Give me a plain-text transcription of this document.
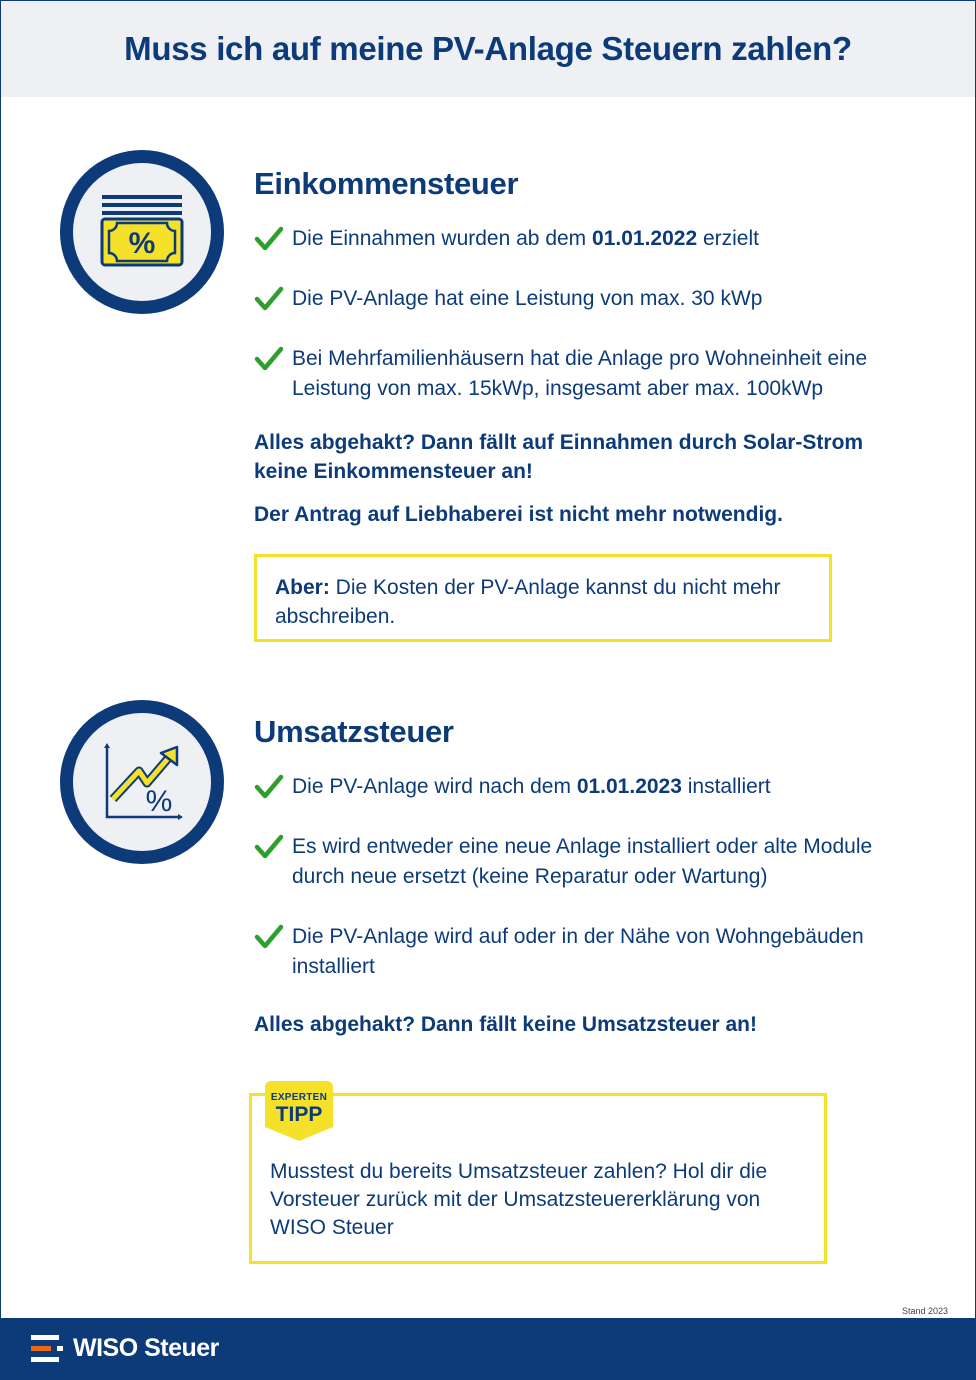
Muss ich auf meine PV-Anlage Steuern zahlen?
%
Einkommensteuer
Die Einnahmen wurden ab dem 01.01.2022 erzielt
Die PV-Anlage hat eine Leistung von max. 30 kWp
Bei Mehrfamilienhäusern hat die Anlage pro Wohneinheit eine Leistung von max. 15kWp, insgesamt aber max. 100kWp
Alles abgehakt? Dann fällt auf Einnahmen durch Solar-Strom keine Einkommensteuer an!
Der Antrag auf Liebhaberei ist nicht mehr notwendig.
Aber: Die Kosten der PV-Anlage kannst du nicht mehr abschreiben.
%
Umsatzsteuer
Die PV-Anlage wird nach dem 01.01.2023 installiert
Es wird entweder eine neue Anlage installiert oder alte Module durch neue ersetzt (keine Reparatur oder Wartung)
Die PV-Anlage wird auf oder in der Nähe von Wohngebäuden installiert
Alles abgehakt? Dann fällt keine Umsatzsteuer an!
Musstest du bereits Umsatzsteuer zahlen? Hol dir die Vorsteuer zurück mit der Umsatzsteuererklärung von WISO Steuer
EXPERTEN
TIPP
Stand 2023
WISO Steuer
